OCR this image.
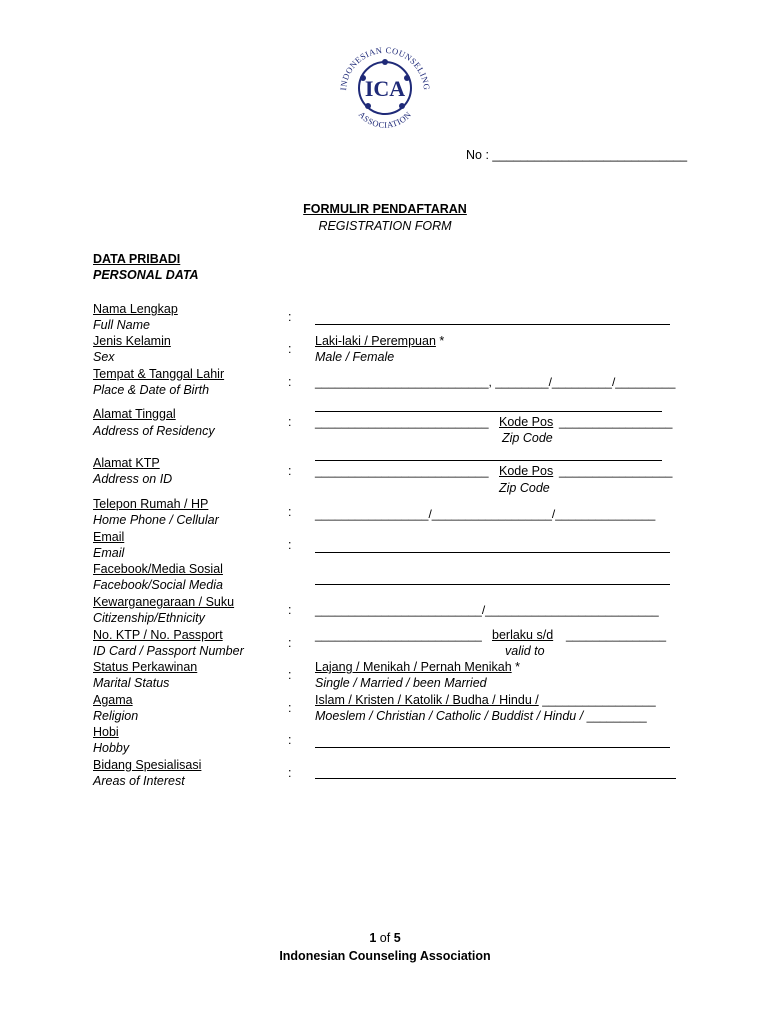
ICA
INDONESIAN COUNSELING
ASSOCIATION
No : ____________________________
FORMULIR PENDAFTARAN
REGISTRATION FORM
DATA PRIBADI
PERSONAL DATA
Nama Lengkap
Full Name
Jenis Kelamin
Sex
Tempat & Tanggal Lahir
Place & Date of Birth
Alamat Tinggal
Address of Residency
Alamat KTP
Address on ID
Telepon Rumah / HP
Home Phone / Cellular
Email
Email
Facebook/Media Sosial
Facebook/Social Media
Kewarganegaraan / Suku
Citizenship/Ethnicity
No. KTP / No. Passport
ID Card / Passport Number
Status Perkawinan
Marital Status
Agama
Religion
Hobi
Hobby
Bidang Spesialisasi
Areas of Interest
:
:
:
:
:
:
:
:
:
:
:
:
:
Laki-laki / Perempuan *
Male / Female
__________________________, ________/_________/_________
__________________________ Kode Pos _________________
Zip Code
__________________________ Kode Pos _________________
Zip Code
_________________/__________________/_______________
_________________________/__________________________
_________________________ berlaku s/d _______________
valid to
Lajang / Menikah / Pernah Menikah *
Single / Married / been Married
Islam / Kristen / Katolik / Budha / Hindu / _________________
Moeslem / Christian / Catholic / Buddist / Hindu / _________
1 of 5
Indonesian Counseling Association
